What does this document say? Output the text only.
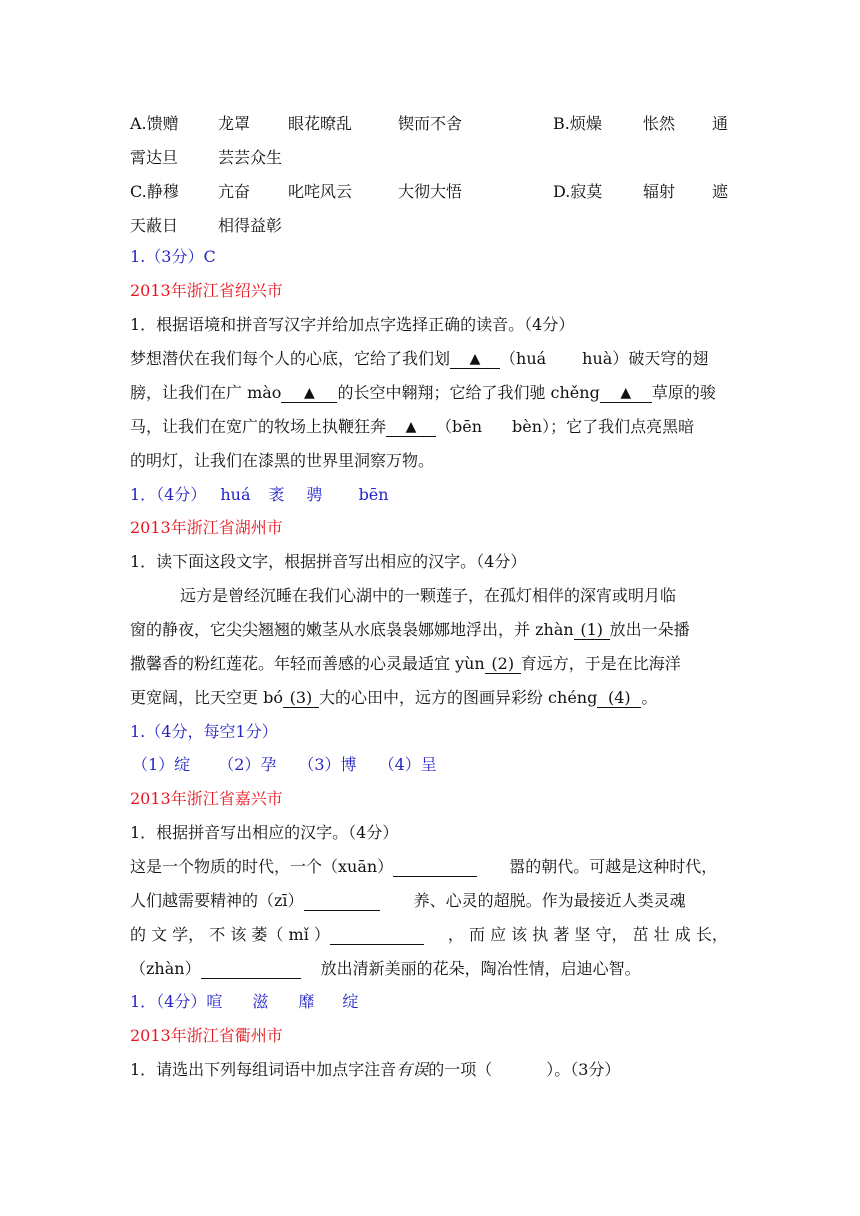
A.馈赠 龙罩 眼花暸乱	锲而不舍	B.烦燥	怅然 通
霄达旦 芸芸众生
C.静穆 亢奋 叱咤风云	大彻大悟	D.寂莫	辐射 遮
天蔽日 相得益彰
1.（3分）C
2013年浙江省绍兴市
1．根据语境和拼音写汉字并给加点字选择正确的读音。（4分）
梦想潜伏在我们每个人的心底，它给了我们划 ▲ （huá huà）破天穹的翅
膀，让我们在广 mào ▲ 的长空中翱翔；它给了我们驰 chěng ▲ 草原的骏
马，让我们在宽广的牧场上执鞭狂奔 ▲ （bēn bèn）；它了我们点亮黑暗
的明灯，让我们在漆黑的世界里洞察万物。
1．（4分） huá 袤 骋 bēn
2013年浙江省湖州市
1．读下面这段文字，根据拼音写出相应的汉字。（4分）
远方是曾经沉睡在我们心湖中的一颗莲子，在孤灯相伴的深宵或明月临
窗的静夜，它尖尖翘翘的嫩茎从水底袅袅娜娜地浮出，并 zhàn (1) 放出一朵播
撒馨香的粉红莲花。年轻而善感的心灵最适宜 yùn (2) 育远方，于是在比海洋
更宽阔，比天空更 bó (3) 大的心田中，远方的图画异彩纷 chéng (4) 。
1.（4分，每空1分）
（1）绽 （2）孕 （3）博 （4）呈
2013年浙江省嘉兴市
1．根据拼音写出相应的汉字。（4分）
这是一个物质的时代，一个（xuān）	嚣的朝代。可越是这种时代，
人们越需要精神的（zī）	养、心灵的超脱。作为最接近人类灵魂
的 文 学， 不 该 萎（ mǐ ）	， 而 应 该 执 著 坚 守， 茁 壮 成 长，
（zhàn）	放出清新美丽的花朵，陶冶性情，启迪心智。
1．（4分）喧 滋 靡 绽
2013年浙江省衢州市
1．请选出下列每组词语中加点字注音有误的一项（	）。（3分）
